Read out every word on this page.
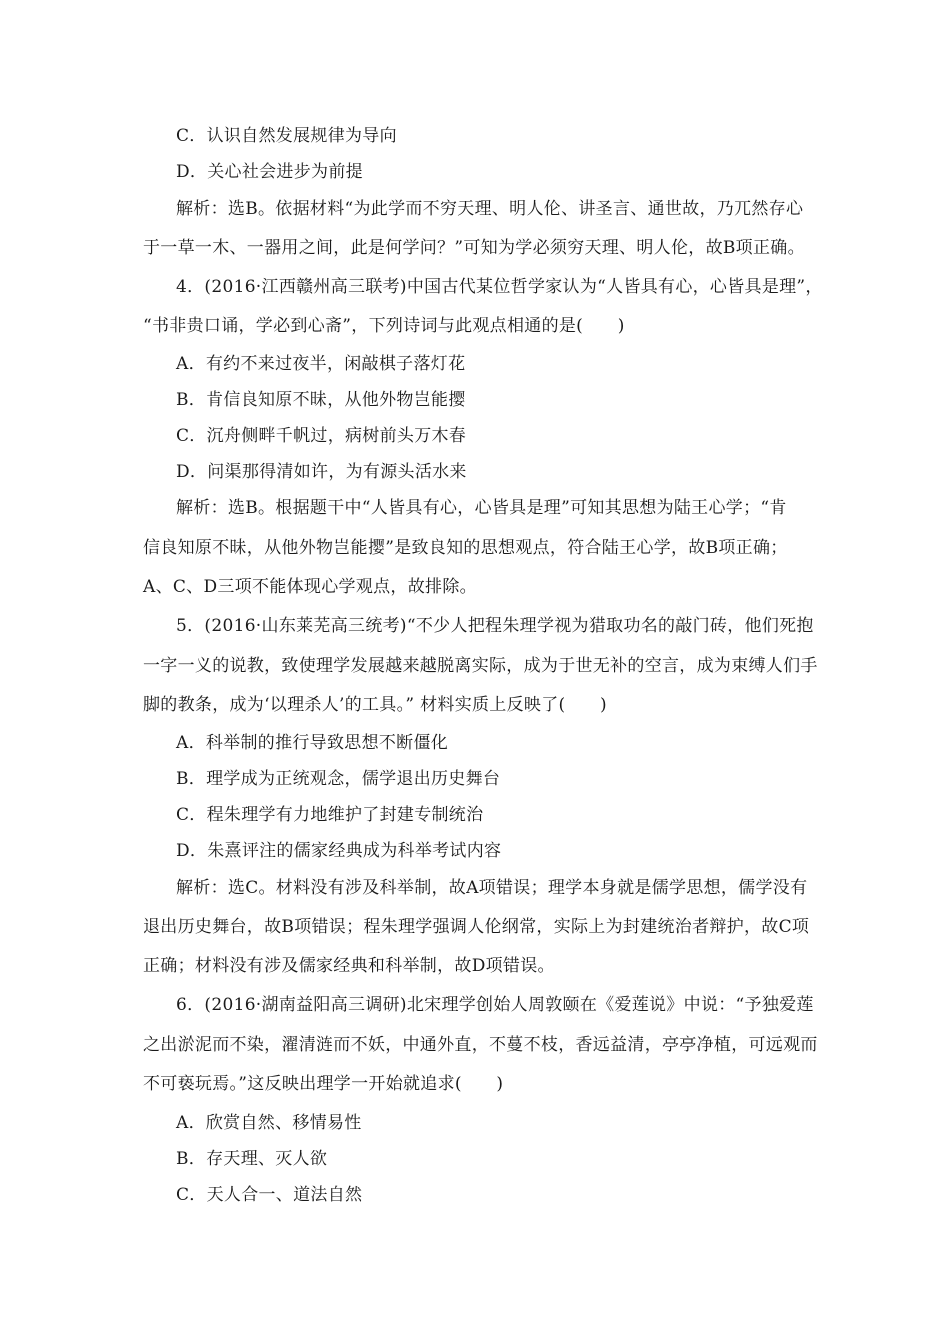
C．认识自然发展规律为导向
D．关心社会进步为前提
解析：选B。依据材料“为此学而不穷天理、明人伦、讲圣言、通世故，乃兀然存心
于一草一木、一器用之间，此是何学问？”可知为学必须穷天理、明人伦，故B项正确。
4．(2016·江西赣州高三联考)中国古代某位哲学家认为“人皆具有心，心皆具是理”，
“书非贵口诵，学必到心斋”，下列诗词与此观点相通的是(　　)
A．有约不来过夜半，闲敲棋子落灯花
B．肯信良知原不昧，从他外物岂能撄
C．沉舟侧畔千帆过，病树前头万木春
D．问渠那得清如许，为有源头活水来
解析：选B。根据题干中“人皆具有心，心皆具是理”可知其思想为陆王心学；“肯
信良知原不昧，从他外物岂能撄”是致良知的思想观点，符合陆王心学，故B项正确；
A、C、D三项不能体现心学观点，故排除。
5．(2016·山东莱芜高三统考)“不少人把程朱理学视为猎取功名的敲门砖，他们死抱
一字一义的说教，致使理学发展越来越脱离实际，成为于世无补的空言，成为束缚人们手
脚的教条，成为‘以理杀人’的工具。” 材料实质上反映了(　　)
A．科举制的推行导致思想不断僵化
B．理学成为正统观念，儒学退出历史舞台
C．程朱理学有力地维护了封建专制统治
D．朱熹评注的儒家经典成为科举考试内容
解析：选C。材料没有涉及科举制，故A项错误；理学本身就是儒学思想，儒学没有
退出历史舞台，故B项错误；程朱理学强调人伦纲常，实际上为封建统治者辩护，故C项
正确；材料没有涉及儒家经典和科举制，故D项错误。
6．(2016·湖南益阳高三调研)北宋理学创始人周敦颐在《爱莲说》中说：“予独爱莲
之出淤泥而不染，濯清涟而不妖，中通外直，不蔓不枝，香远益清，亭亭净植，可远观而
不可亵玩焉。”这反映出理学一开始就追求(　　)
A．欣赏自然、移情易性
B．存天理、灭人欲
C．天人合一、道法自然
